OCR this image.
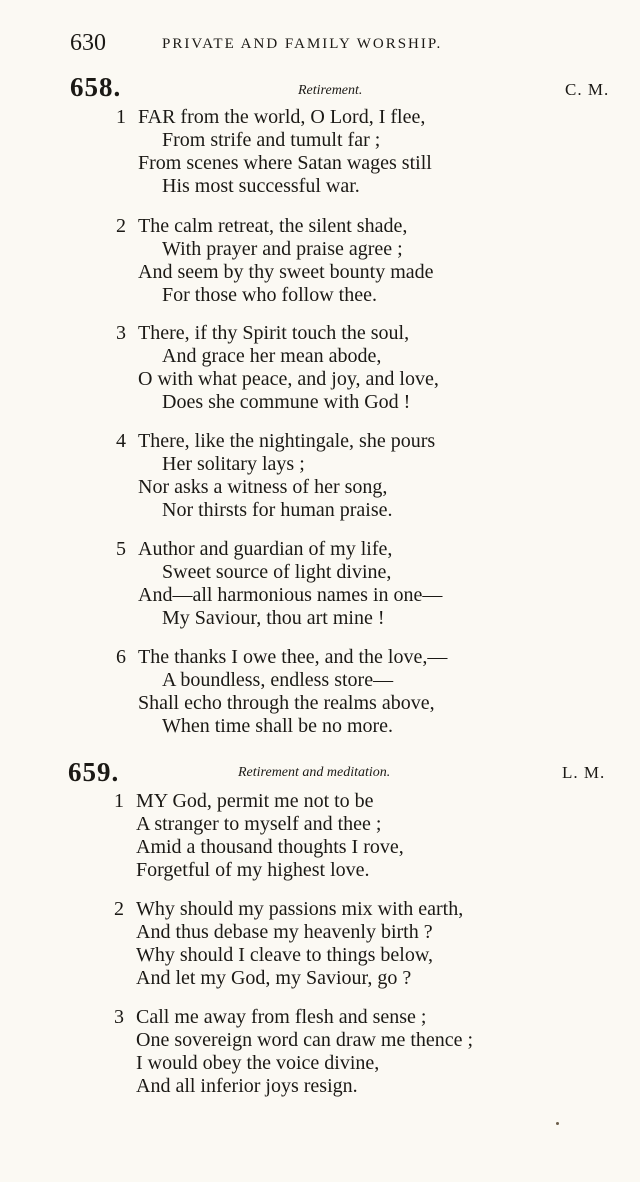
630	PRIVATE AND FAMILY WORSHIP.
658.	Retirement.	C. M.
1 FAR from the world, O Lord, I flee,
From strife and tumult far ;
From scenes where Satan wages still
His most successful war.
2 The calm retreat, the silent shade,
With prayer and praise agree ;
And seem by thy sweet bounty made
For those who follow thee.
3 There, if thy Spirit touch the soul,
And grace her mean abode,
O with what peace, and joy, and love,
Does she commune with God !
4 There, like the nightingale, she pours
Her solitary lays ;
Nor asks a witness of her song,
Nor thirsts for human praise.
5 Author and guardian of my life,
Sweet source of light divine,
And—all harmonious names in one—
My Saviour, thou art mine !
6 The thanks I owe thee, and the love,—
A boundless, endless store—
Shall echo through the realms above,
When time shall be no more.
659.	Retirement and meditation.	L. M.
1 MY God, permit me not to be
A stranger to myself and thee ;
Amid a thousand thoughts I rove,
Forgetful of my highest love.
2 Why should my passions mix with earth,
And thus debase my heavenly birth ?
Why should I cleave to things below,
And let my God, my Saviour, go ?
3 Call me away from flesh and sense ;
One sovereign word can draw me thence ;
I would obey the voice divine,
And all inferior joys resign.
